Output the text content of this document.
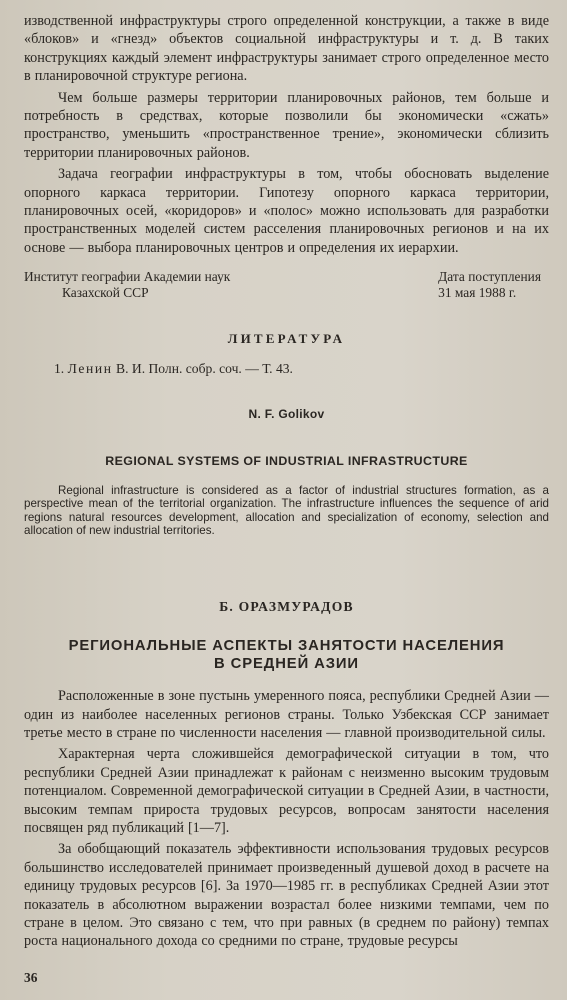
изводственной инфраструктуры строго определенной конструкции, а также в виде «блоков» и «гнезд» объектов социальной инфраструктуры и т. д. В таких конструкциях каждый элемент инфраструктуры занимает строго определенное место в планировочной структуре региона.

Чем больше размеры территории планировочных районов, тем больше и потребность в средствах, которые позволили бы экономически «сжать» пространство, уменьшить «пространственное трение», экономически сблизить территории планировочных районов.

Задача географии инфраструктуры в том, чтобы обосновать выделение опорного каркаса территории. Гипотезу опорного каркаса территории, планировочных осей, «коридоров» и «полос» можно использовать для разработки пространственных моделей систем расселения планировочных регионов и на их основе — выбора планировочных центров и определения их иерархии.

Институт географии Академии наук
Казахской ССР
Дата поступления
31 мая 1988 г.
ЛИТЕРАТУРА

1. Ленин В. И. Полн. собр. соч. — Т. 43.

N. F. Golikov
REGIONAL SYSTEMS OF INDUSTRIAL INFRASTRUCTURE

Regional infrastructure is considered as a factor of industrial structures formation, as a perspective mean of the territorial organization. The infrastructure influences the sequence of arid regions natural resources development, allocation and specialization of economy, selection and allocation of new industrial territories.

Б. ОРАЗМУРАДОВ
РЕГИОНАЛЬНЫЕ АСПЕКТЫ ЗАНЯТОСТИ НАСЕЛЕНИЯ
В СРЕДНЕЙ АЗИИ

Расположенные в зоне пустынь умеренного пояса, республики Средней Азии — один из наиболее населенных регионов страны. Только Узбекская ССР занимает третье место в стране по численности населения — главной производительной силы.

Характерная черта сложившейся демографической ситуации в том, что республики Средней Азии принадлежат к районам с неизменно высоким трудовым потенциалом. Современной демографической ситуации в Средней Азии, в частности, высоким темпам прироста трудовых ресурсов, вопросам занятости населения посвящен ряд публикаций [1—7].

За обобщающий показатель эффективности использования трудовых ресурсов большинство исследователей принимает произведенный душевой доход в расчете на единицу трудовых ресурсов [6]. За 1970—1985 гг. в республиках Средней Азии этот показатель в абсолютном выражении возрастал более низкими темпами, чем по стране в целом. Это связано с тем, что при равных (в среднем по району) темпах роста национального дохода со средними по стране, трудовые ресурсы

36
